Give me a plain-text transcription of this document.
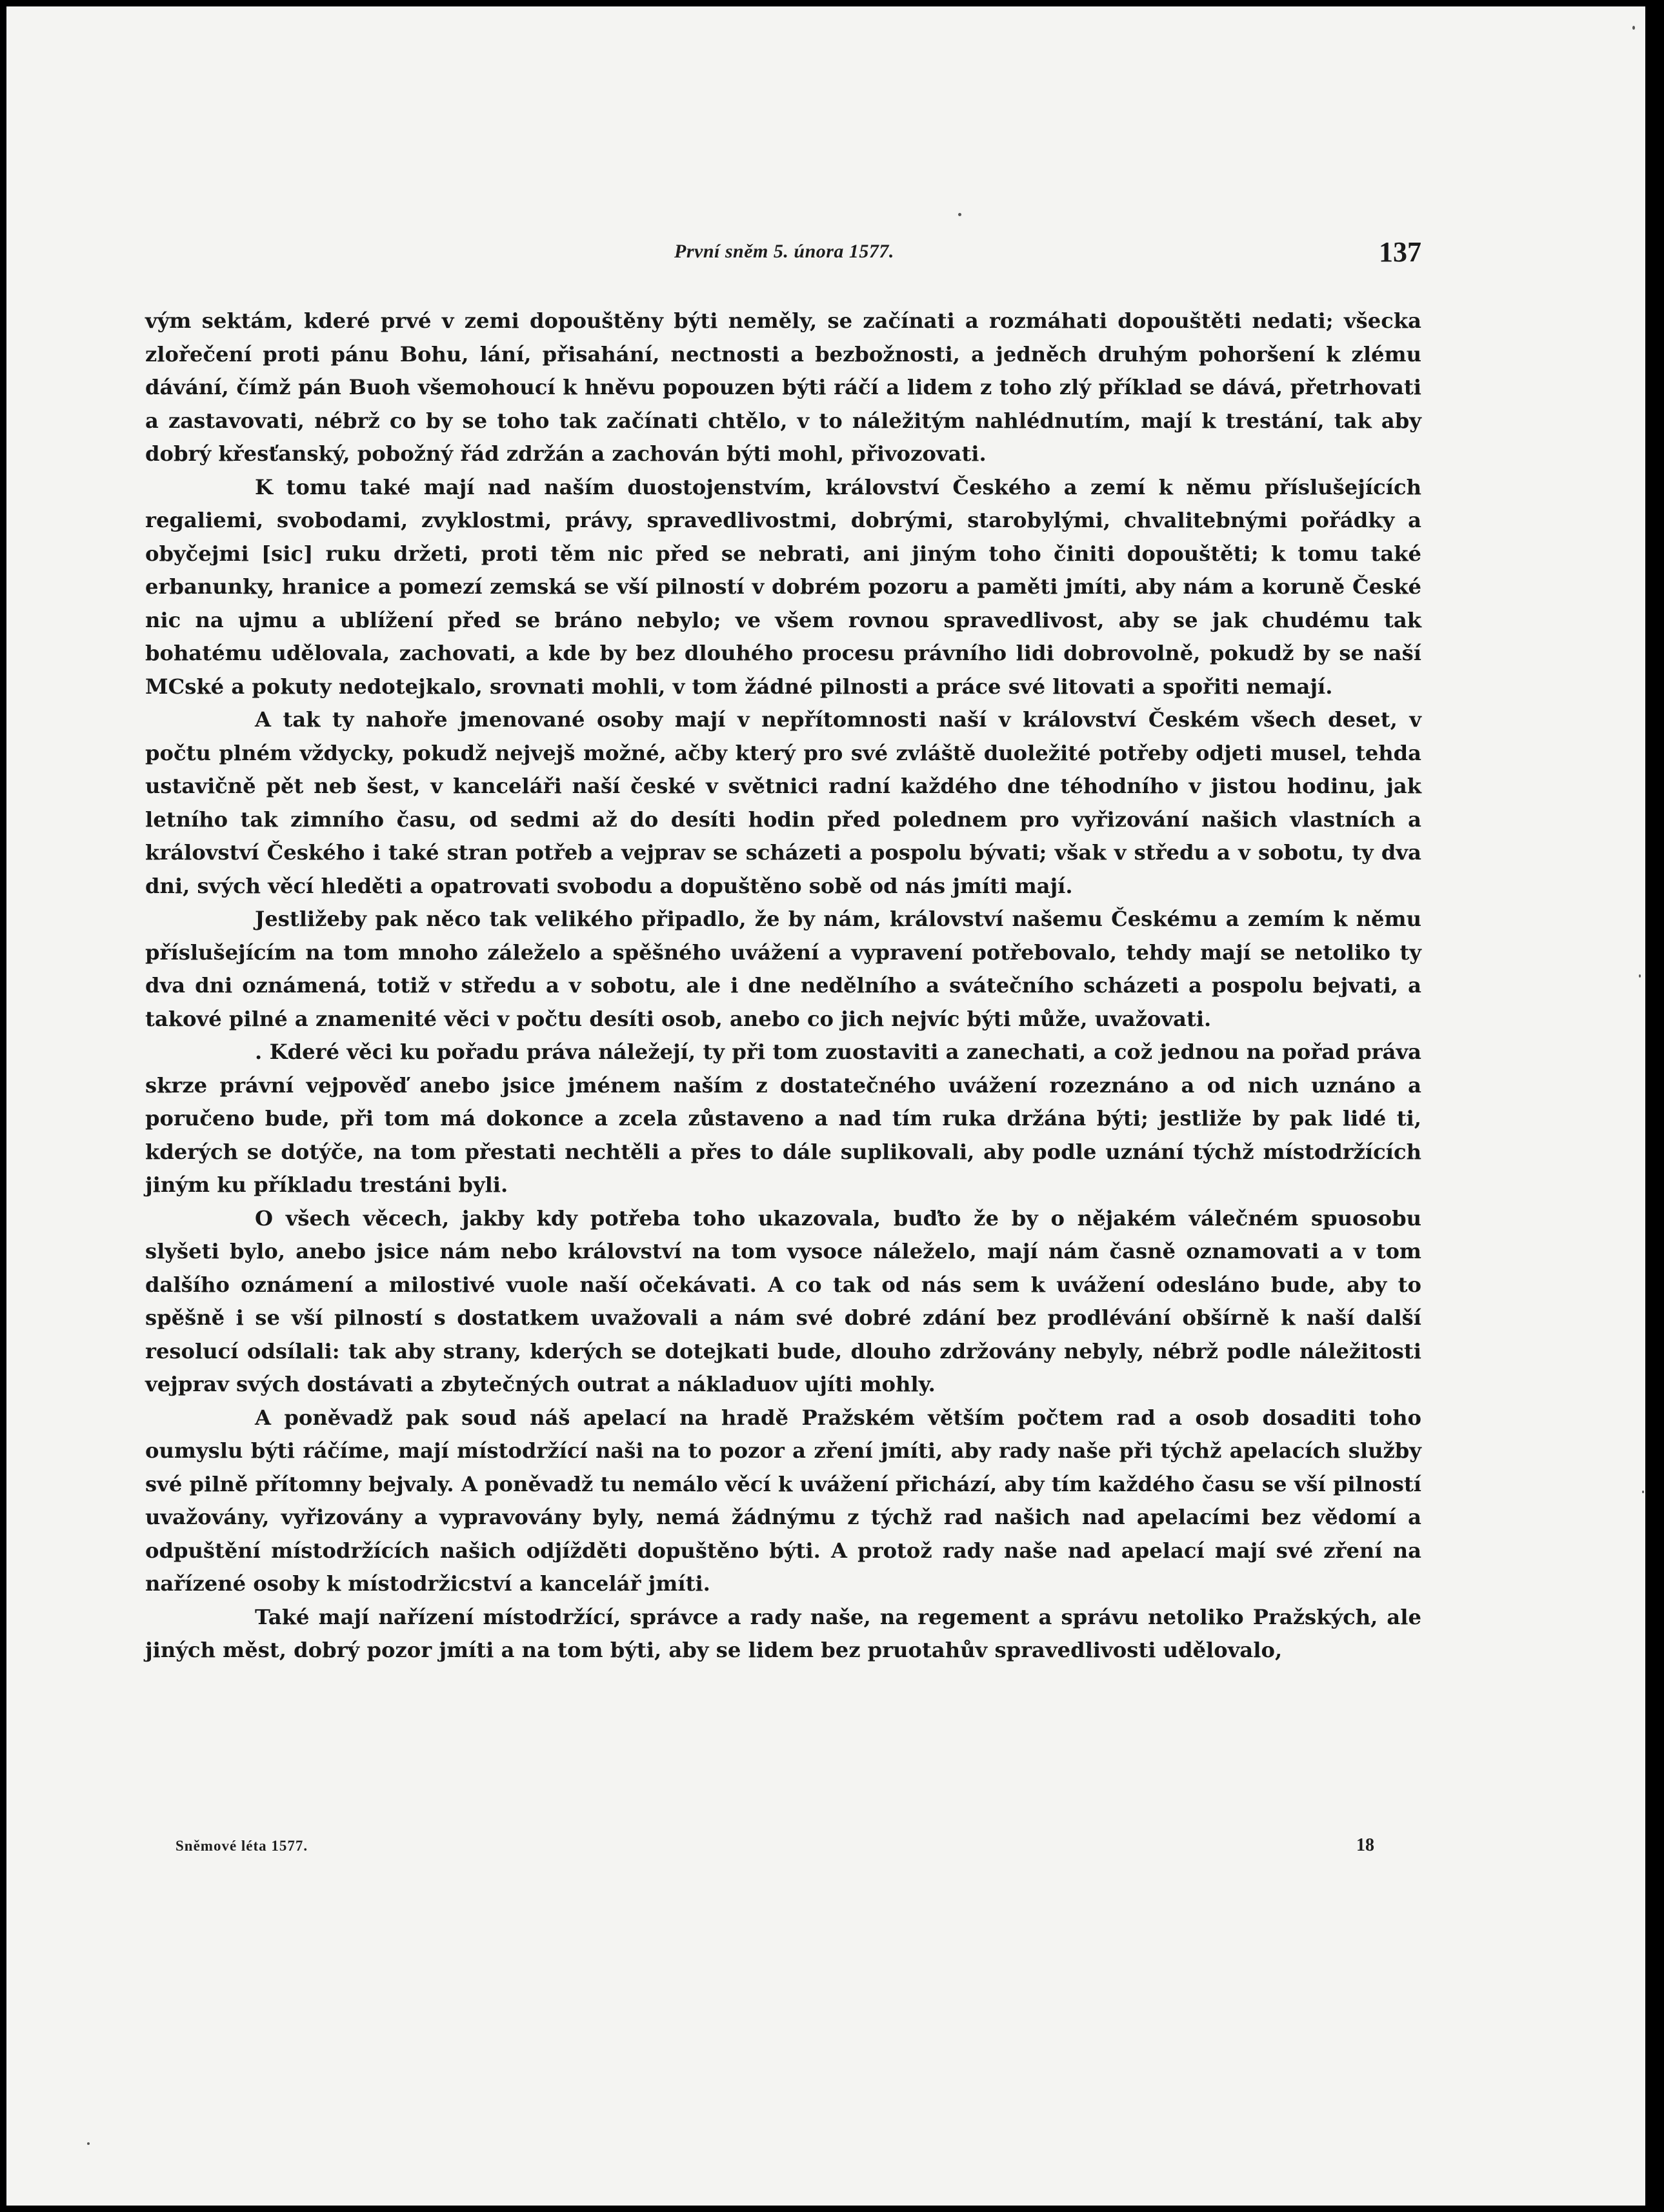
První sněm 5. února 1577.	137

vým sektám, kderé prvé v zemi dopouštěny býti neměly, se začínati a rozmáhati dopouštěti nedati; všecka zlořečení proti pánu Bohu, lání, přisahání, nectnosti a bezbožnosti, a jedněch druhým pohoršení k zlému dávání, čímž pán Buoh všemohoucí k hněvu popouzen býti ráčí a lidem z toho zlý příklad se dává, přetrhovati a zastavovati, nébrž co by se toho tak začínati chtělo, v to náležitým nahlédnutím, mají k trestání, tak aby dobrý křesťanský, pobožný řád zdržán a zachován býti mohl, přivozovati.

K tomu také mají nad naším duostojenstvím, království Českého a zemí k němu příslušejících regaliemi, svobodami, zvyklostmi, právy, spravedlivostmi, dobrými, starobylými, chvalitebnými pořádky a obyčejmi [sic] ruku držeti, proti těm nic před se nebrati, ani jiným toho činiti dopouštěti; k tomu také erbanunky, hranice a pomezí zemská se vší pilností v dobrém pozoru a paměti jmíti, aby nám a koruně České nic na ujmu a ublížení před se bráno nebylo; ve všem rovnou spravedlivost, aby se jak chudému tak bohatému udělovala, zachovati, a kde by bez dlouhého procesu právního lidi dobrovolně, pokudž by se naší MCské a pokuty nedotejkalo, srovnati mohli, v tom žádné pilnosti a práce své litovati a spořiti nemají.

A tak ty nahoře jmenované osoby mají v nepřítomnosti naší v království Českém všech deset, v počtu plném vždycky, pokudž nejvejš možné, ačby který pro své zvláště duoležité potřeby odjeti musel, tehda ustavičně pět neb šest, v kanceláři naší české v světnici radní každého dne téhodního v jistou hodinu, jak letního tak zimního času, od sedmi až do desíti hodin před polednem pro vyřizování našich vlastních a království Českého i také stran potřeb a vejprav se scházeti a pospolu bývati; však v středu a v sobotu, ty dva dni, svých věcí hleděti a opatrovati svobodu a dopuštěno sobě od nás jmíti mají.

Jestližeby pak něco tak velikého připadlo, že by nám, království našemu Českému a zemím k němu příslušejícím na tom mnoho záleželo a spěšného uvážení a vypravení potřebovalo, tehdy mají se netoliko ty dva dni oznámená, totiž v středu a v sobotu, ale i dne nedělního a svátečního scházeti a pospolu bejvati, a takové pilné a znamenité věci v počtu desíti osob, anebo co jich nejvíc býti může, uvažovati.

. Kderé věci ku pořadu práva náležejí, ty při tom zuostaviti a zanechati, a což jednou na pořad práva skrze právní vejpověď anebo jsice jménem naším z dostatečného uvážení rozeznáno a od nich uznáno a poručeno bude, při tom má dokonce a zcela zůstaveno a nad tím ruka držána býti; jestliže by pak lidé ti, kderých se dotýče, na tom přestati nechtěli a přes to dále suplikovali, aby podle uznání týchž místodržících jiným ku příkladu trestáni byli.

O všech věcech, jakby kdy potřeba toho ukazovala, buďto že by o nějakém válečném spuosobu slyšeti bylo, anebo jsice nám nebo království na tom vysoce náleželo, mají nám časně oznamovati a v tom dalšího oznámení a milostivé vuole naší očekávati. A co tak od nás sem k uvážení odesláno bude, aby to spěšně i se vší pilností s dostatkem uvažovali a nám své dobré zdání bez prodlévání obšírně k naší další resolucí odsílali: tak aby strany, kderých se dotejkati bude, dlouho zdržovány nebyly, nébrž podle náležitosti vejprav svých dostávati a zbytečných outrat a nákladuov ujíti mohly.

A poněvadž pak soud náš apelací na hradě Pražském větším počtem rad a osob dosaditi toho oumyslu býti ráčíme, mají místodržící naši na to pozor a zření jmíti, aby rady naše při týchž apelacích služby své pilně přítomny bejvaly. A poněvadž tu nemálo věcí k uvážení přichází, aby tím každého času se vší pilností uvažovány, vyřizovány a vypravovány byly, nemá žádnýmu z týchž rad našich nad apelacími bez vědomí a odpuštění místodržících našich odjížděti dopuštěno býti. A protož rady naše nad apelací mají své zření na nařízené osoby k místodržicství a kancelář jmíti.

Také mají nařízení místodržící, správce a rady naše, na regement a správu netoliko Pražských, ale jiných měst, dobrý pozor jmíti a na tom býti, aby se lidem bez pruotahův spravedlivosti udělovalo,

Sněmové léta 1577.	18
